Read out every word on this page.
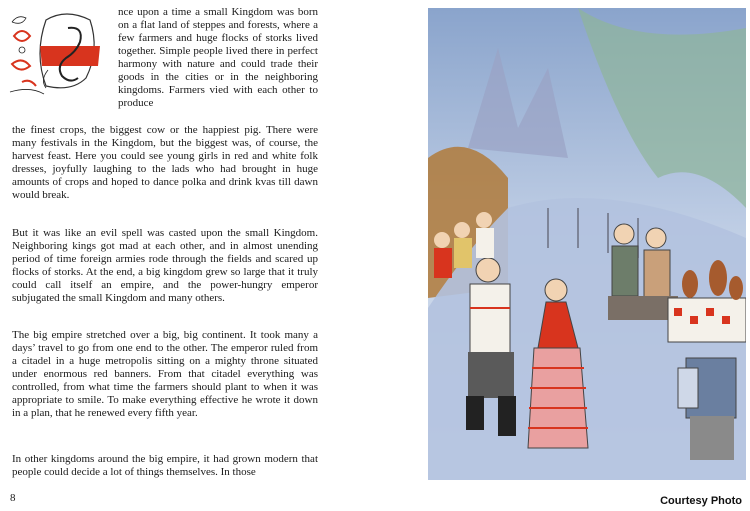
nce upon a time a small Kingdom was born on a flat land of steppes and forests, where a few farmers and huge flocks of storks lived together. Simple people lived there in perfect harmony with nature and could trade their goods in the cities or in the neighboring kingdoms. Farmers vied with each other to produce

the finest crops, the biggest cow or the happiest pig. There were many festivals in the Kingdom, but the biggest was, of course, the harvest feast. Here you could see young girls in red and white folk dresses, joyfully laughing to the lads who had brought in huge amounts of crops and hoped to dance polka and drink kvas till dawn would break.

But it was like an evil spell was casted upon the small Kingdom. Neighboring kings got mad at each other, and in almost unending period of time foreign armies rode through the fields and scared up flocks of storks. At the end, a big kingdom grew so large that it truly could call itself an empire, and the power-hungry emperor subjugated the small Kingdom and many others.

The big empire stretched over a big, big continent. It took many a days’ travel to go from one end to the other. The emperor ruled from a citadel in a huge metropolis sitting on a mighty throne situated under enormous red banners. From that citadel everything was controlled, from what time the farmers should plant to when it was appropriate to smile. To make everything effective he wrote it down in a plan, that he renewed every fifth year.

In other kingdoms around the big empire, it had grown modern that people could decide a lot of things themselves. In those

8	Courtesy Photo
